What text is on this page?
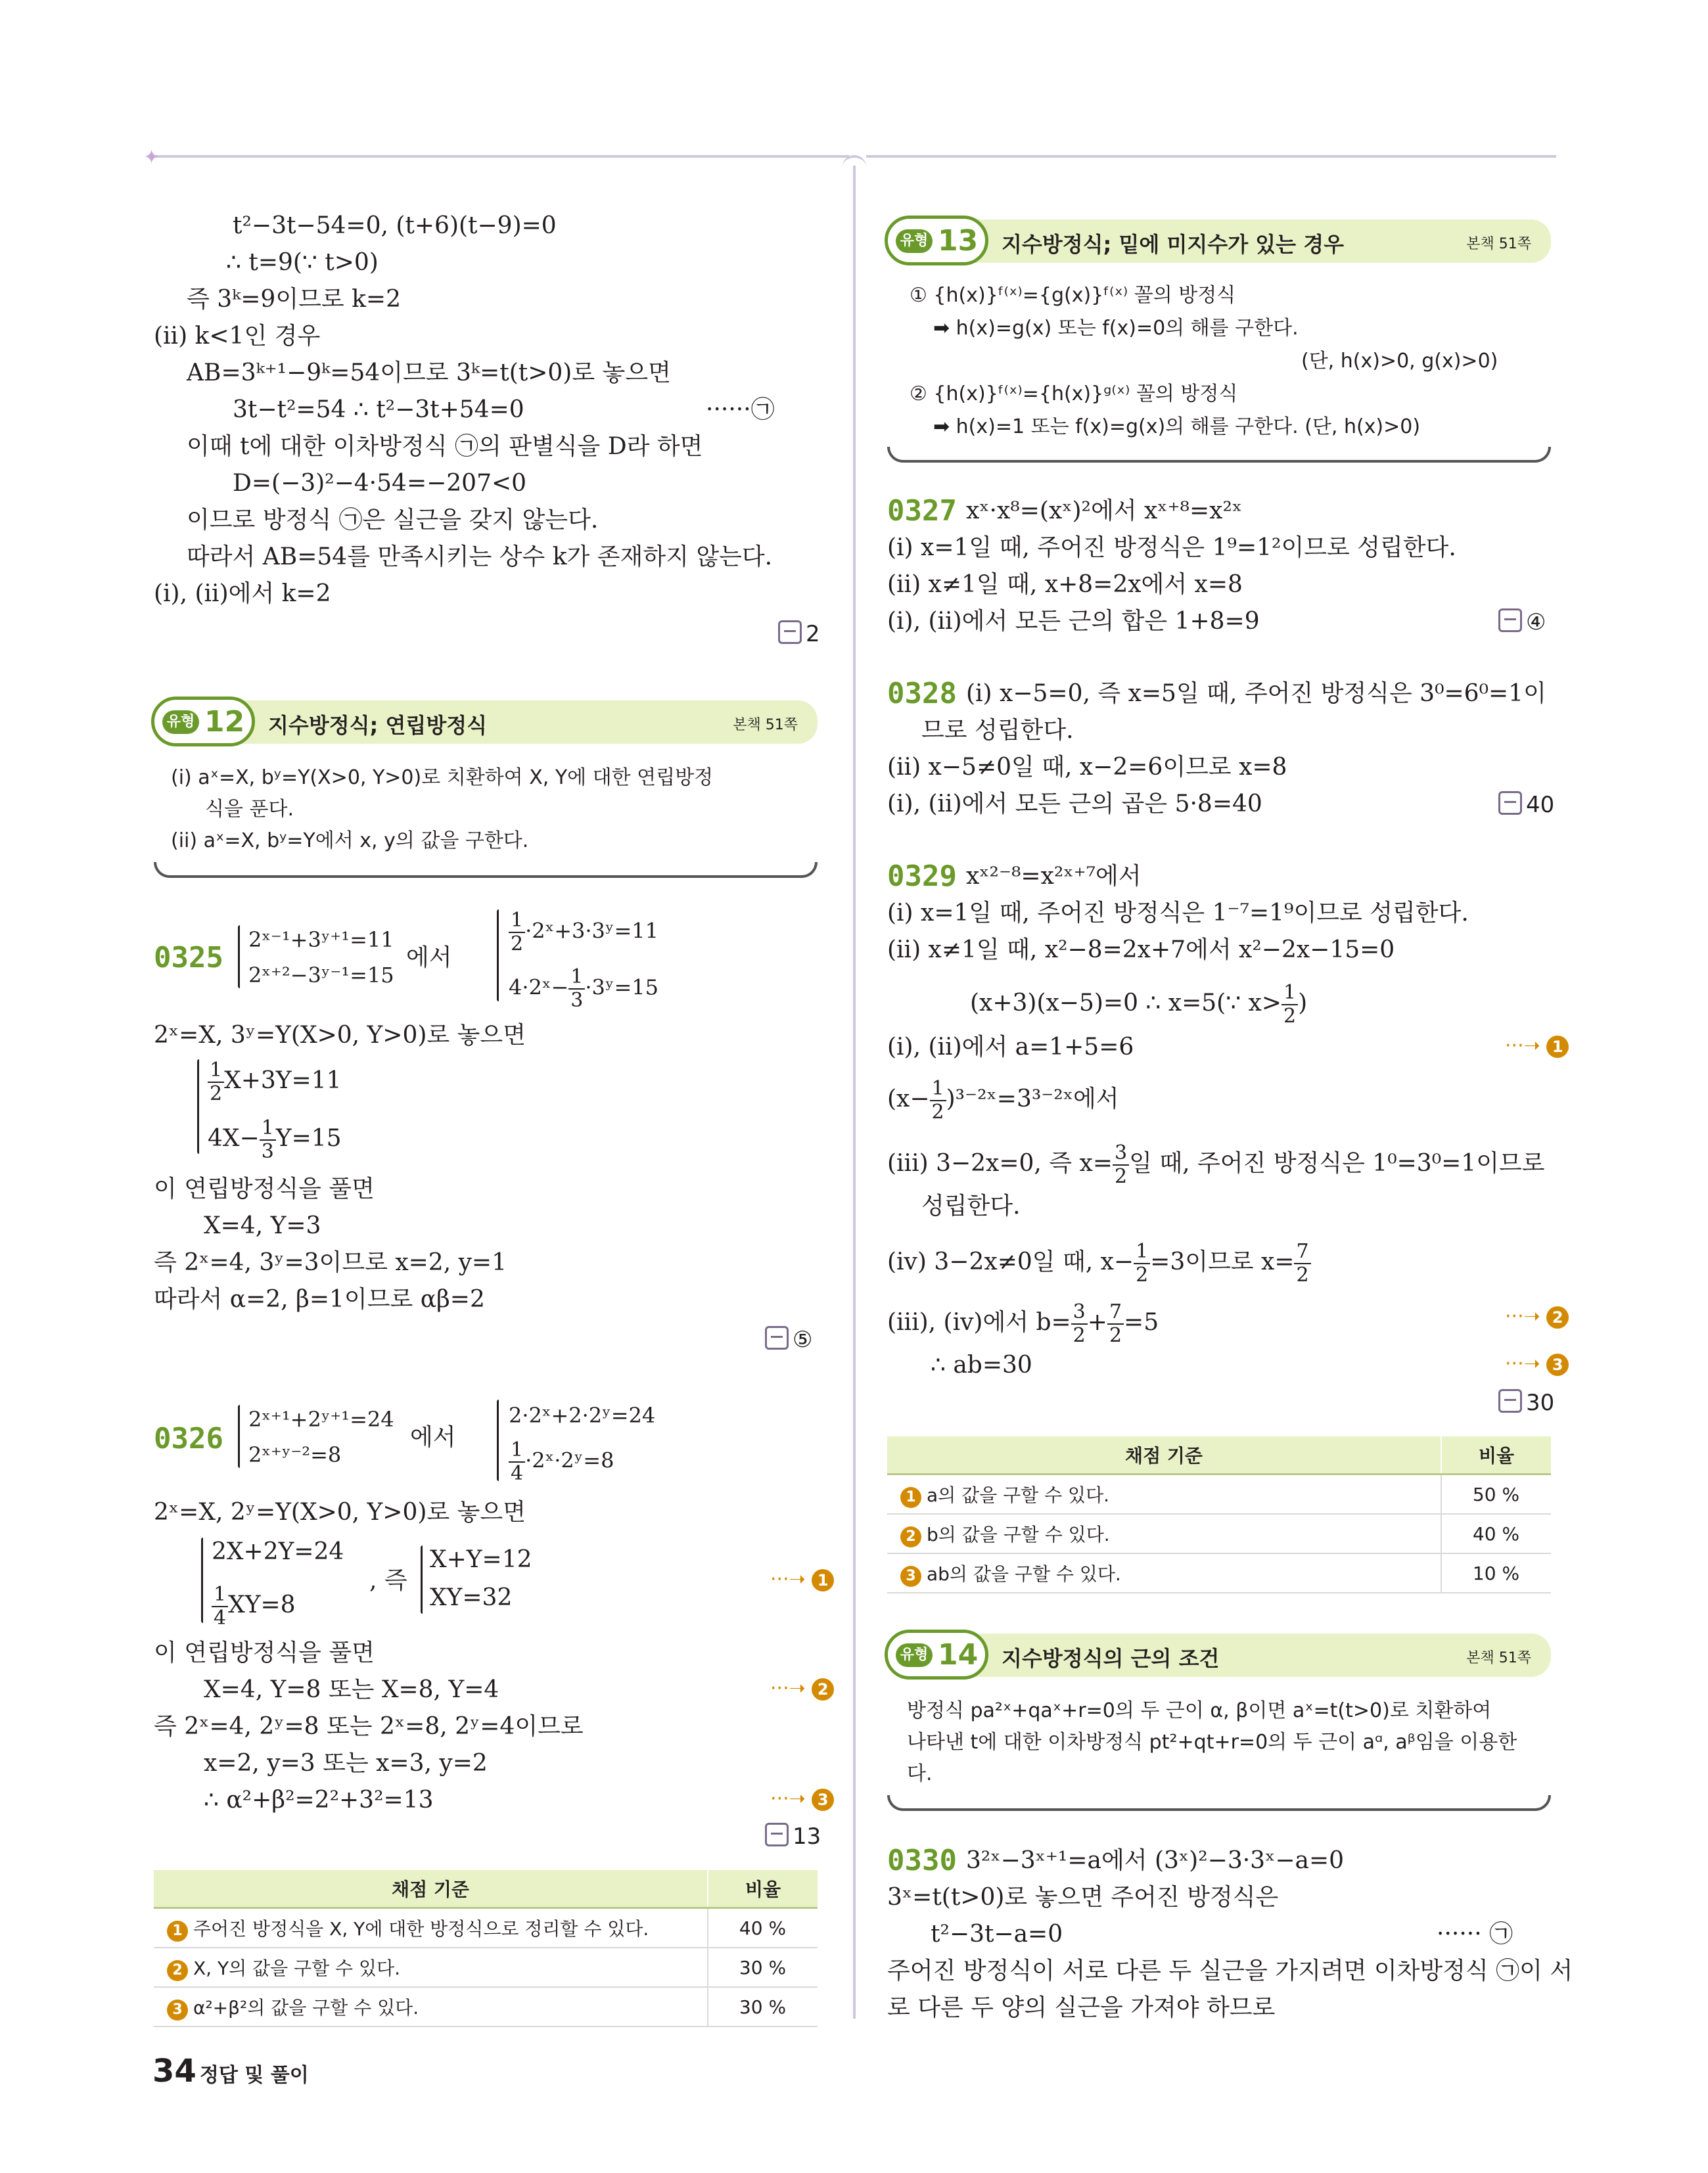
✦
t²−3t−54=0, (t+6)(t−9)=0
∴ t=9(∵ t>0)
즉 3ᵏ=9이므로 k=2
(ii) k<1인 경우
AB=3ᵏ⁺¹−9ᵏ=54이므로 3ᵏ=t(t>0)로 놓으면
3t−t²=54 ∴ t²−3t+54=0	······㉠
이때 t에 대한 이차방정식 ㉠의 판별식을 D라 하면
D=(−3)²−4·54=−207<0
이므로 방정식 ㉠은 실근을 갖지 않는다.
따라서 AB=54를 만족시키는 상수 k가 존재하지 않는다.
(i), (ii)에서 k=2
2
유형 12 지수방정식; 연립방정식	본책 51쪽
(i) aˣ=X, bʸ=Y(X>0, Y>0)로 치환하여 X, Y에 대한 연립방정
식을 푼다.
(ii) aˣ=X, bʸ=Y에서 x, y의 값을 구한다.
0325
2ˣ⁻¹+3ʸ⁺¹=11
2ˣ⁺²−3ʸ⁻¹=15
에서
$\frac{1}{2}$ ·2ˣ+3·3ʸ=11
4·2ˣ− $\frac{1}{3}$ ·3ʸ=15
2ˣ=X, 3ʸ=Y(X>0, Y>0)로 놓으면
$\frac{1}{2} X+3Y=11$
$4X- \frac{1}{3} Y=15$
이 연립방정식을 풀면
X=4, Y=3
즉 2ˣ=4, 3ʸ=3이므로 x=2, y=1
따라서 α=2, β=1이므로 αβ=2
⑤
0326
2ˣ⁺¹+2ʸ⁺¹=24
2ˣ⁺ʸ⁻²=8
에서
2·2ˣ+2·2ʸ=24
$\frac{1}{4}$ ·2ˣ·2ʸ=8
2ˣ=X, 2ʸ=Y(X>0, Y>0)로 놓으면
2X+2Y=24
$\frac{1}{4} XY=8$
, 즉
X+Y=12
XY=32
···➝ 1
이 연립방정식을 풀면
X=4, Y=8 또는 X=8, Y=4	···➝ 2
즉 2ˣ=4, 2ʸ=8 또는 2ˣ=8, 2ʸ=4이므로
x=2, y=3 또는 x=3, y=2
∴ α²+β²=2²+3²=13	···➝ 3
13
채점 기준	비율
1 주어진 방정식을 X, Y에 대한 방정식으로 정리할 수 있다.	40 %
2 X, Y의 값을 구할 수 있다.	30 %
3 α²+β²의 값을 구할 수 있다.	30 %
유형 13 지수방정식; 밑에 미지수가 있는 경우	본책 51쪽
① {h(x)}ᶠ⁽ˣ⁾={g(x)}ᶠ⁽ˣ⁾ 꼴의 방정식
➡ h(x)=g(x) 또는 f(x)=0의 해를 구한다.
(단, h(x)>0, g(x)>0)
② {h(x)}ᶠ⁽ˣ⁾={h(x)}ᵍ⁽ˣ⁾ 꼴의 방정식
➡ h(x)=1 또는 f(x)=g(x)의 해를 구한다. (단, h(x)>0)
0327 xˣ·x⁸=(xˣ)²에서 xˣ⁺⁸=x²ˣ
(i) x=1일 때, 주어진 방정식은 1⁹=1²이므로 성립한다.
(ii) x≠1일 때, x+8=2x에서 x=8
(i), (ii)에서 모든 근의 합은 1+8=9	④
0328 (i) x−5=0, 즉 x=5일 때, 주어진 방정식은 3⁰=6⁰=1이
므로 성립한다.
(ii) x−5≠0일 때, x−2=6이므로 x=8
(i), (ii)에서 모든 근의 곱은 5·8=40	40
0329 xˣ²⁻⁸=x²ˣ⁺⁷에서
(i) x=1일 때, 주어진 방정식은 1⁻⁷=1⁹이므로 성립한다.
(ii) x≠1일 때, x²−8=2x+7에서 x²−2x−15=0
(x+3)(x−5)=0 ∴ x=5(∵ $x> \frac{1}{2}$ )
(i), (ii)에서 a=1+5=6	···➝ 1
($x- \frac{1}{2}$ )³⁻²ˣ=3³⁻²ˣ에서
(iii) 3−2x=0, 즉 $x= \frac{3}{2}$ 일 때, 주어진 방정식은 1⁰=3⁰=1이므로
성립한다.
(iv) 3−2x≠0일 때, $x- \frac{1}{2} =3$이므로 $x= \frac{7}{2}$
(iii), (iv)에서 $b= \frac{3}{2} + \frac{7}{2} =5$	···➝ 2
∴ ab=30	···➝ 3
30
채점 기준	비율
1 a의 값을 구할 수 있다.	50 %
2 b의 값을 구할 수 있다.	40 %
3 ab의 값을 구할 수 있다.	10 %
유형 14 지수방정식의 근의 조건	본책 51쪽
방정식 pa²ˣ+qaˣ+r=0의 두 근이 α, β이면 aˣ=t(t>0)로 치환하여
나타낸 t에 대한 이차방정식 pt²+qt+r=0의 두 근이 aᵅ, aᵝ임을 이용한
다.
0330 3²ˣ−3ˣ⁺¹=a에서 (3ˣ)²−3·3ˣ−a=0
3ˣ=t(t>0)로 놓으면 주어진 방정식은
t²−3t−a=0	······ ㉠
주어진 방정식이 서로 다른 두 실근을 가지려면 이차방정식 ㉠이 서
로 다른 두 양의 실근을 가져야 하므로
34 정답 및 풀이
